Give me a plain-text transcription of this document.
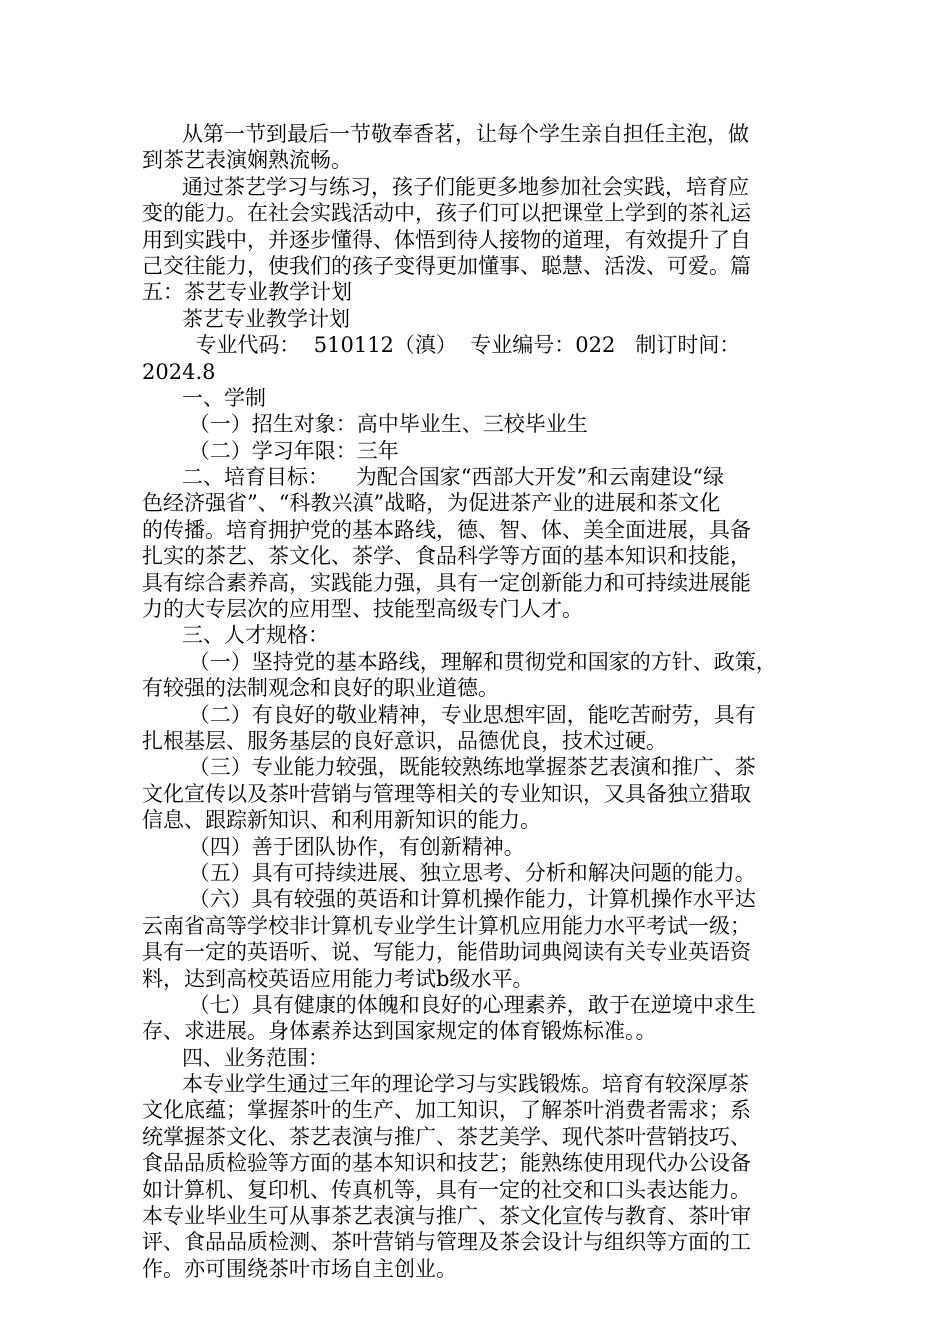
从第一节到最后一节敬奉香茗，让每个学生亲自担任主泡，做
到茶艺表演娴熟流畅。
通过茶艺学习与练习，孩子们能更多地参加社会实践，培育应
变的能力。在社会实践活动中，孩子们可以把课堂上学到的茶礼运
用到实践中，并逐步懂得、体悟到待人接物的道理，有效提升了自
己交往能力，使我们的孩子变得更加懂事、聪慧、活泼、可爱。篇
五：茶艺专业教学计划
茶艺专业教学计划
专业代码：  510112（滇）  专业编号：022   制订时间：
2024.8
一、学制
（一）招生对象：高中毕业生、三校毕业生
（二）学习年限：三年
二、培育目标：    为配合国家“西部大开发”和云南建设“绿
色经济强省”、“科教兴滇”战略，为促进茶产业的进展和茶文化
的传播。培育拥护党的基本路线，德、智、体、美全面进展，具备
扎实的茶艺、茶文化、茶学、食品科学等方面的基本知识和技能，
具有综合素养高，实践能力强，具有一定创新能力和可持续进展能
力的大专层次的应用型、技能型高级专门人才。
三、人才规格：
（一）坚持党的基本路线，理解和贯彻党和国家的方针、政策，
有较强的法制观念和良好的职业道德。
（二）有良好的敬业精神，专业思想牢固，能吃苦耐劳，具有
扎根基层、服务基层的良好意识，品德优良，技术过硬。
（三）专业能力较强，既能较熟练地掌握茶艺表演和推广、茶
文化宣传以及茶叶营销与管理等相关的专业知识，又具备独立猎取
信息、跟踪新知识、和利用新知识的能力。
（四）善于团队协作，有创新精神。
（五）具有可持续进展、独立思考、分析和解决问题的能力。
（六）具有较强的英语和计算机操作能力，计算机操作水平达
云南省高等学校非计算机专业学生计算机应用能力水平考试一级；
具有一定的英语听、说、写能力，能借助词典阅读有关专业英语资
料，达到高校英语应用能力考试b级水平。
（七）具有健康的体魄和良好的心理素养，敢于在逆境中求生
存、求进展。身体素养达到国家规定的体育锻炼标准。。
四、业务范围：
本专业学生通过三年的理论学习与实践锻炼。培育有较深厚茶
文化底蕴；掌握茶叶的生产、加工知识，了解茶叶消费者需求；系
统掌握茶文化、茶艺表演与推广、茶艺美学、现代茶叶营销技巧、
食品品质检验等方面的基本知识和技艺；能熟练使用现代办公设备
如计算机、复印机、传真机等，具有一定的社交和口头表达能力。
本专业毕业生可从事茶艺表演与推广、茶文化宣传与教育、茶叶审
评、食品品质检测、茶叶营销与管理及茶会设计与组织等方面的工
作。亦可围绕茶叶市场自主创业。
